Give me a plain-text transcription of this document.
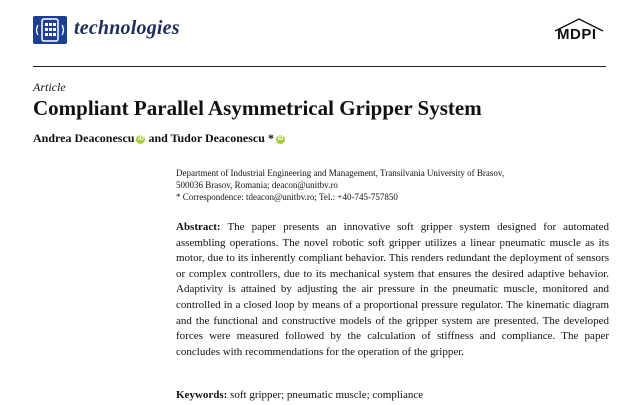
technologies	MDPI
Article
Compliant Parallel Asymmetrical Gripper System
Andrea Deaconescu iD and Tudor Deaconescu * iD
Department of Industrial Engineering and Management, Transilvania University of Brasov,
500036 Brasov, Romania; deacon@unitbv.ro
* Correspondence: tdeacon@unitbv.ro; Tel.: +40-745-757850
Abstract: The paper presents an innovative soft gripper system designed for automated assembling operations. The novel robotic soft gripper utilizes a linear pneumatic muscle as its motor, due to its inherently compliant behavior. This renders redundant the deployment of sensors or complex controllers, due to its mechanical system that ensures the desired adaptive behavior. Adaptivity is attained by adjusting the air pressure in the pneumatic muscle, monitored and controlled in a closed loop by means of a proportional pressure regulator. The kinematic diagram and the functional and constructive models of the gripper system are presented. The developed forces were measured followed by the calculation of stiffness and compliance. The paper concludes with recommendations for the operation of the gripper.
Keywords: soft gripper; pneumatic muscle; compliance
